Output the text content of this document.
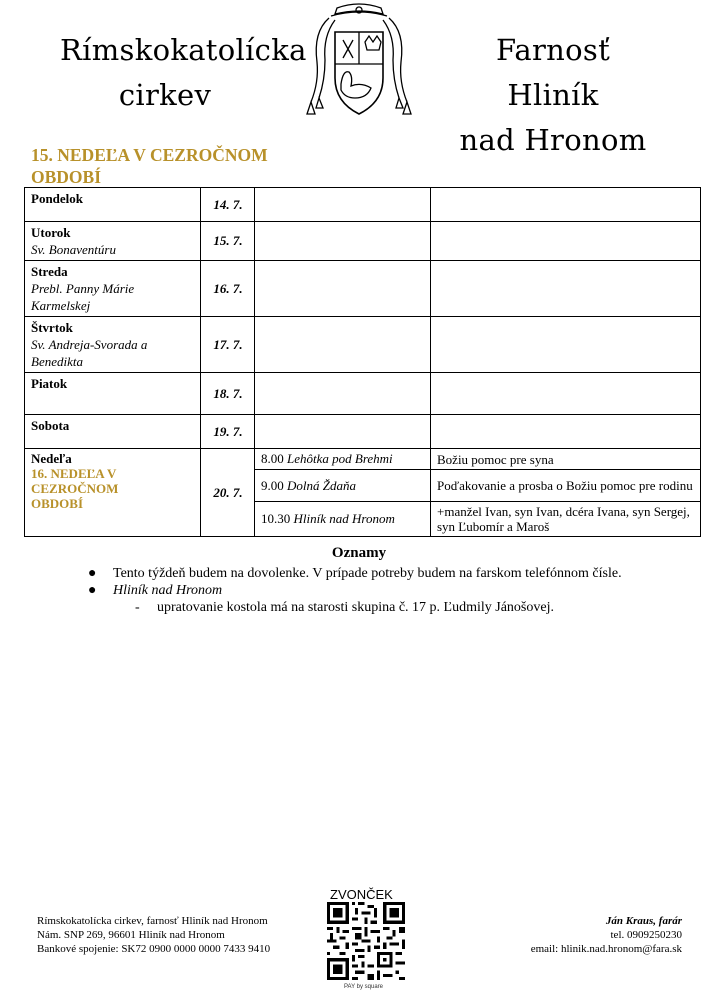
Rímskokatolícka
cirkev
Farnosť Hliník
nad Hronom
15. NEDEĽA V CEZROČNOM
OBDOBÍ
Pondelok	14. 7.		

Utorok
Sv. Bonaventúru	15. 7.		

Streda
Prebl. Panny Márie Karmelskej	16. 7.		

Štvrtok
Sv. Andreja-Svorada a Benedikta	17. 7.		

Piatok	18. 7.		

Sobota	19. 7.		

Nedeľa
16. NEDEĽA V CEZROČNOM OBDOBÍ	20. 7.	8.00 Lehôtka pod Brehmi	Božiu pomoc pre syna
		9.00 Dolná Ždaňa	Poďakovanie a prosba o Božiu pomoc pre rodinu
		10.30 Hliník nad Hronom	+manžel Ivan, syn Ivan, dcéra Ivana, syn Sergej, syn Ľubomír a Maroš
Oznamy
● Tento týždeň budem na dovolenke. V prípade potreby budem na farskom telefónnom čísle.
● Hliník nad Hronom
- upratovanie kostola má na starosti skupina č. 17 p. Ľudmily Jánošovej.
Rímskokatolícka cirkev, farnosť Hliník nad Hronom
Nám. SNP 269, 96601 Hliník nad Hronom
Bankové spojenie: SK72 0900 0000 0000 7433 9410
ZVONČEK
PAY by square
Ján Kraus, farár
tel. 0909250230
email: hlinik.nad.hronom@fara.sk
